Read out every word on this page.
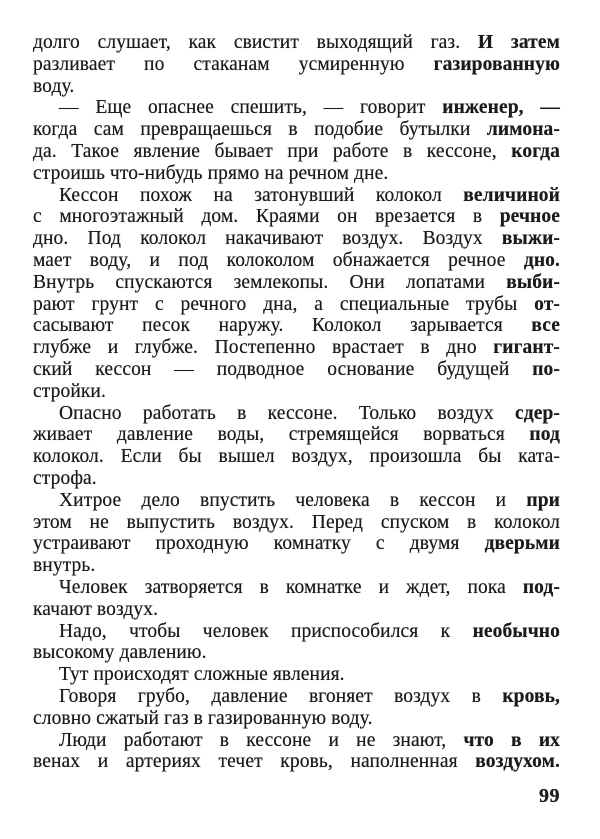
долго слушает, как свистит выходящий газ. И затем
разливает по стаканам усмиренную газированную
воду.
— Еще опаснее спешить, — говорит инженер, —
когда сам превращаешься в подобие бутылки лимона-
да. Такое явление бывает при работе в кессоне, когда
строишь что-нибудь прямо на речном дне.
Кессон похож на затонувший колокол величиной
с многоэтажный дом. Краями он врезается в речное
дно. Под колокол накачивают воздух. Воздух выжи-
мает воду, и под колоколом обнажается речное дно.
Внутрь спускаются землекопы. Они лопатами выби-
рают грунт с речного дна, а специальные трубы от-
сасывают песок наружу. Колокол зарывается все
глубже и глубже. Постепенно врастает в дно гигант-
ский кессон — подводное основание будущей по-
стройки.
Опасно работать в кессоне. Только воздух сдер-
живает давление воды, стремящейся ворваться под
колокол. Если бы вышел воздух, произошла бы ката-
строфа.
Хитрое дело впустить человека в кессон и при
этом не выпустить воздух. Перед спуском в колокол
устраивают проходную комнатку с двумя дверьми
внутрь.
Человек затворяется в комнатке и ждет, пока под-
качают воздух.
Надо, чтобы человек приспособился к необычно
высокому давлению.
Тут происходят сложные явления.
Говоря грубо, давление вгоняет воздух в кровь,
словно сжатый газ в газированную воду.
Люди работают в кессоне и не знают, что в их
венах и артериях течет кровь, наполненная воздухом.
99
